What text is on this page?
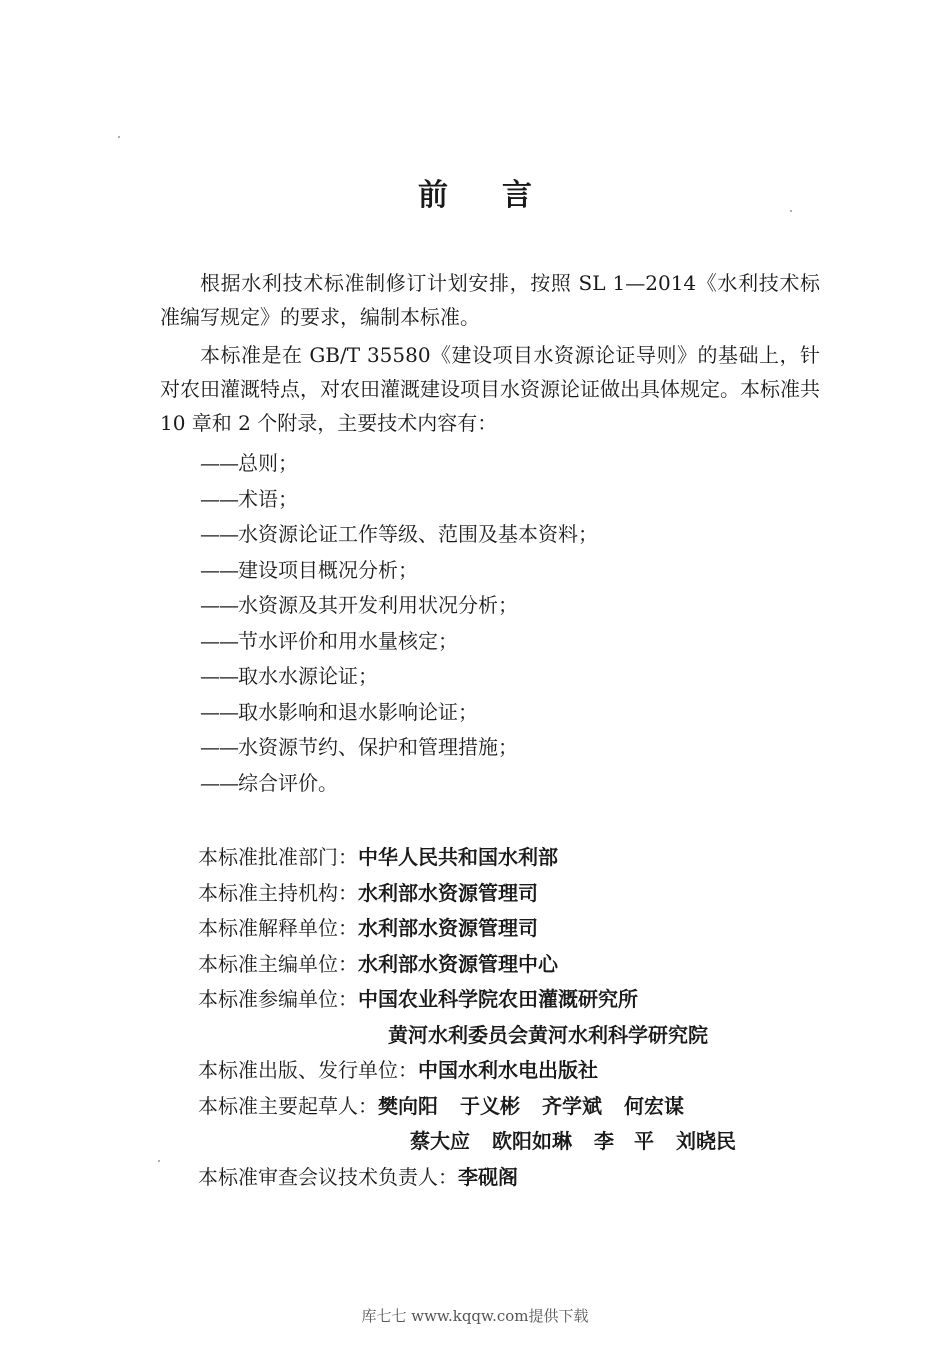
前 言

根据水利技术标准制修订计划安排，按照 SL 1—2014《水利技术标准编写规定》的要求，编制本标准。

本标准是在 GB/T 35580《建设项目水资源论证导则》的基础上，针对农田灌溉特点，对农田灌溉建设项目水资源论证做出具体规定。本标准共 10 章和 2 个附录，主要技术内容有：

——总则；
——术语；
——水资源论证工作等级、范围及基本资料；
——建设项目概况分析；
——水资源及其开发利用状况分析；
——节水评价和用水量核定；
——取水水源论证；
——取水影响和退水影响论证；
——水资源节约、保护和管理措施；
——综合评价。
本标准批准部门：中华人民共和国水利部
本标准主持机构：水利部水资源管理司
本标准解释单位：水利部水资源管理司
本标准主编单位：水利部水资源管理中心
本标准参编单位：中国农业科学院农田灌溉研究所
黄河水利委员会黄河水利科学研究院
本标准出版、发行单位：中国水利水电出版社
本标准主要起草人：樊向阳 于义彬 齐学斌 何宏谋
蔡大应 欧阳如琳 李　平 刘晓民
本标准审查会议技术负责人：李砚阁
库七七 www.kqqw.com提供下载
